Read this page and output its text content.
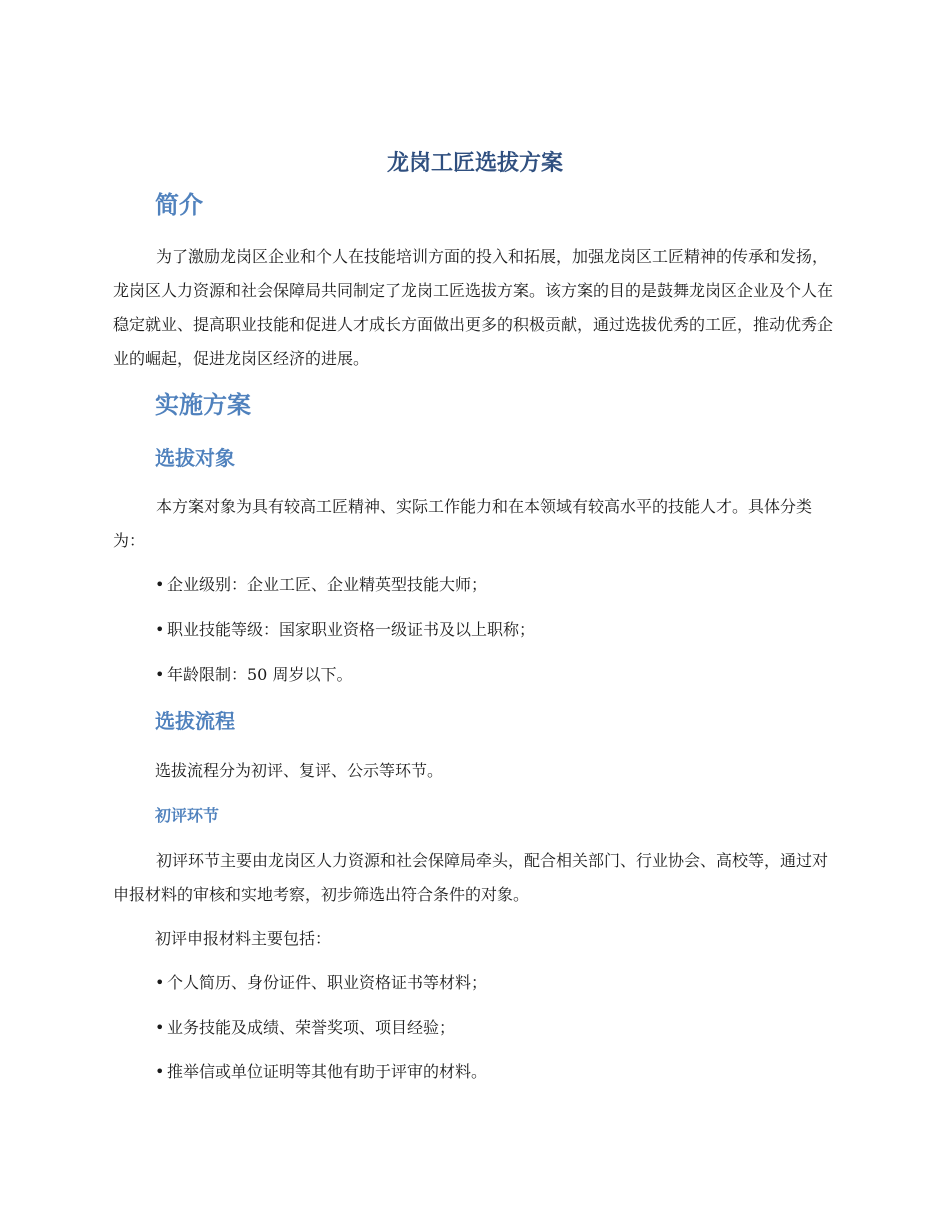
龙岗工匠选拔方案
简介

为了激励龙岗区企业和个人在技能培训方面的投入和拓展，加强龙岗区工匠精神的传承和发扬，龙岗区人力资源和社会保障局共同制定了龙岗工匠选拔方案。该方案的目的是鼓舞龙岗区企业及个人在稳定就业、提高职业技能和促进人才成长方面做出更多的积极贡献，通过选拔优秀的工匠，推动优秀企业的崛起，促进龙岗区经济的进展。

实施方案
选拔对象

本方案对象为具有较高工匠精神、实际工作能力和在本领域有较高水平的技能人才。具体分类为：

• 企业级别：企业工匠、企业精英型技能大师；
• 职业技能等级：国家职业资格一级证书及以上职称；
• 年龄限制：50 周岁以下。
选拔流程
选拔流程分为初评、复评、公示等环节。
初评环节

初评环节主要由龙岗区人力资源和社会保障局牵头，配合相关部门、行业协会、高校等，通过对申报材料的审核和实地考察，初步筛选出符合条件的对象。

初评申报材料主要包括：
• 个人简历、身份证件、职业资格证书等材料；
• 业务技能及成绩、荣誉奖项、项目经验；
• 推举信或单位证明等其他有助于评审的材料。
